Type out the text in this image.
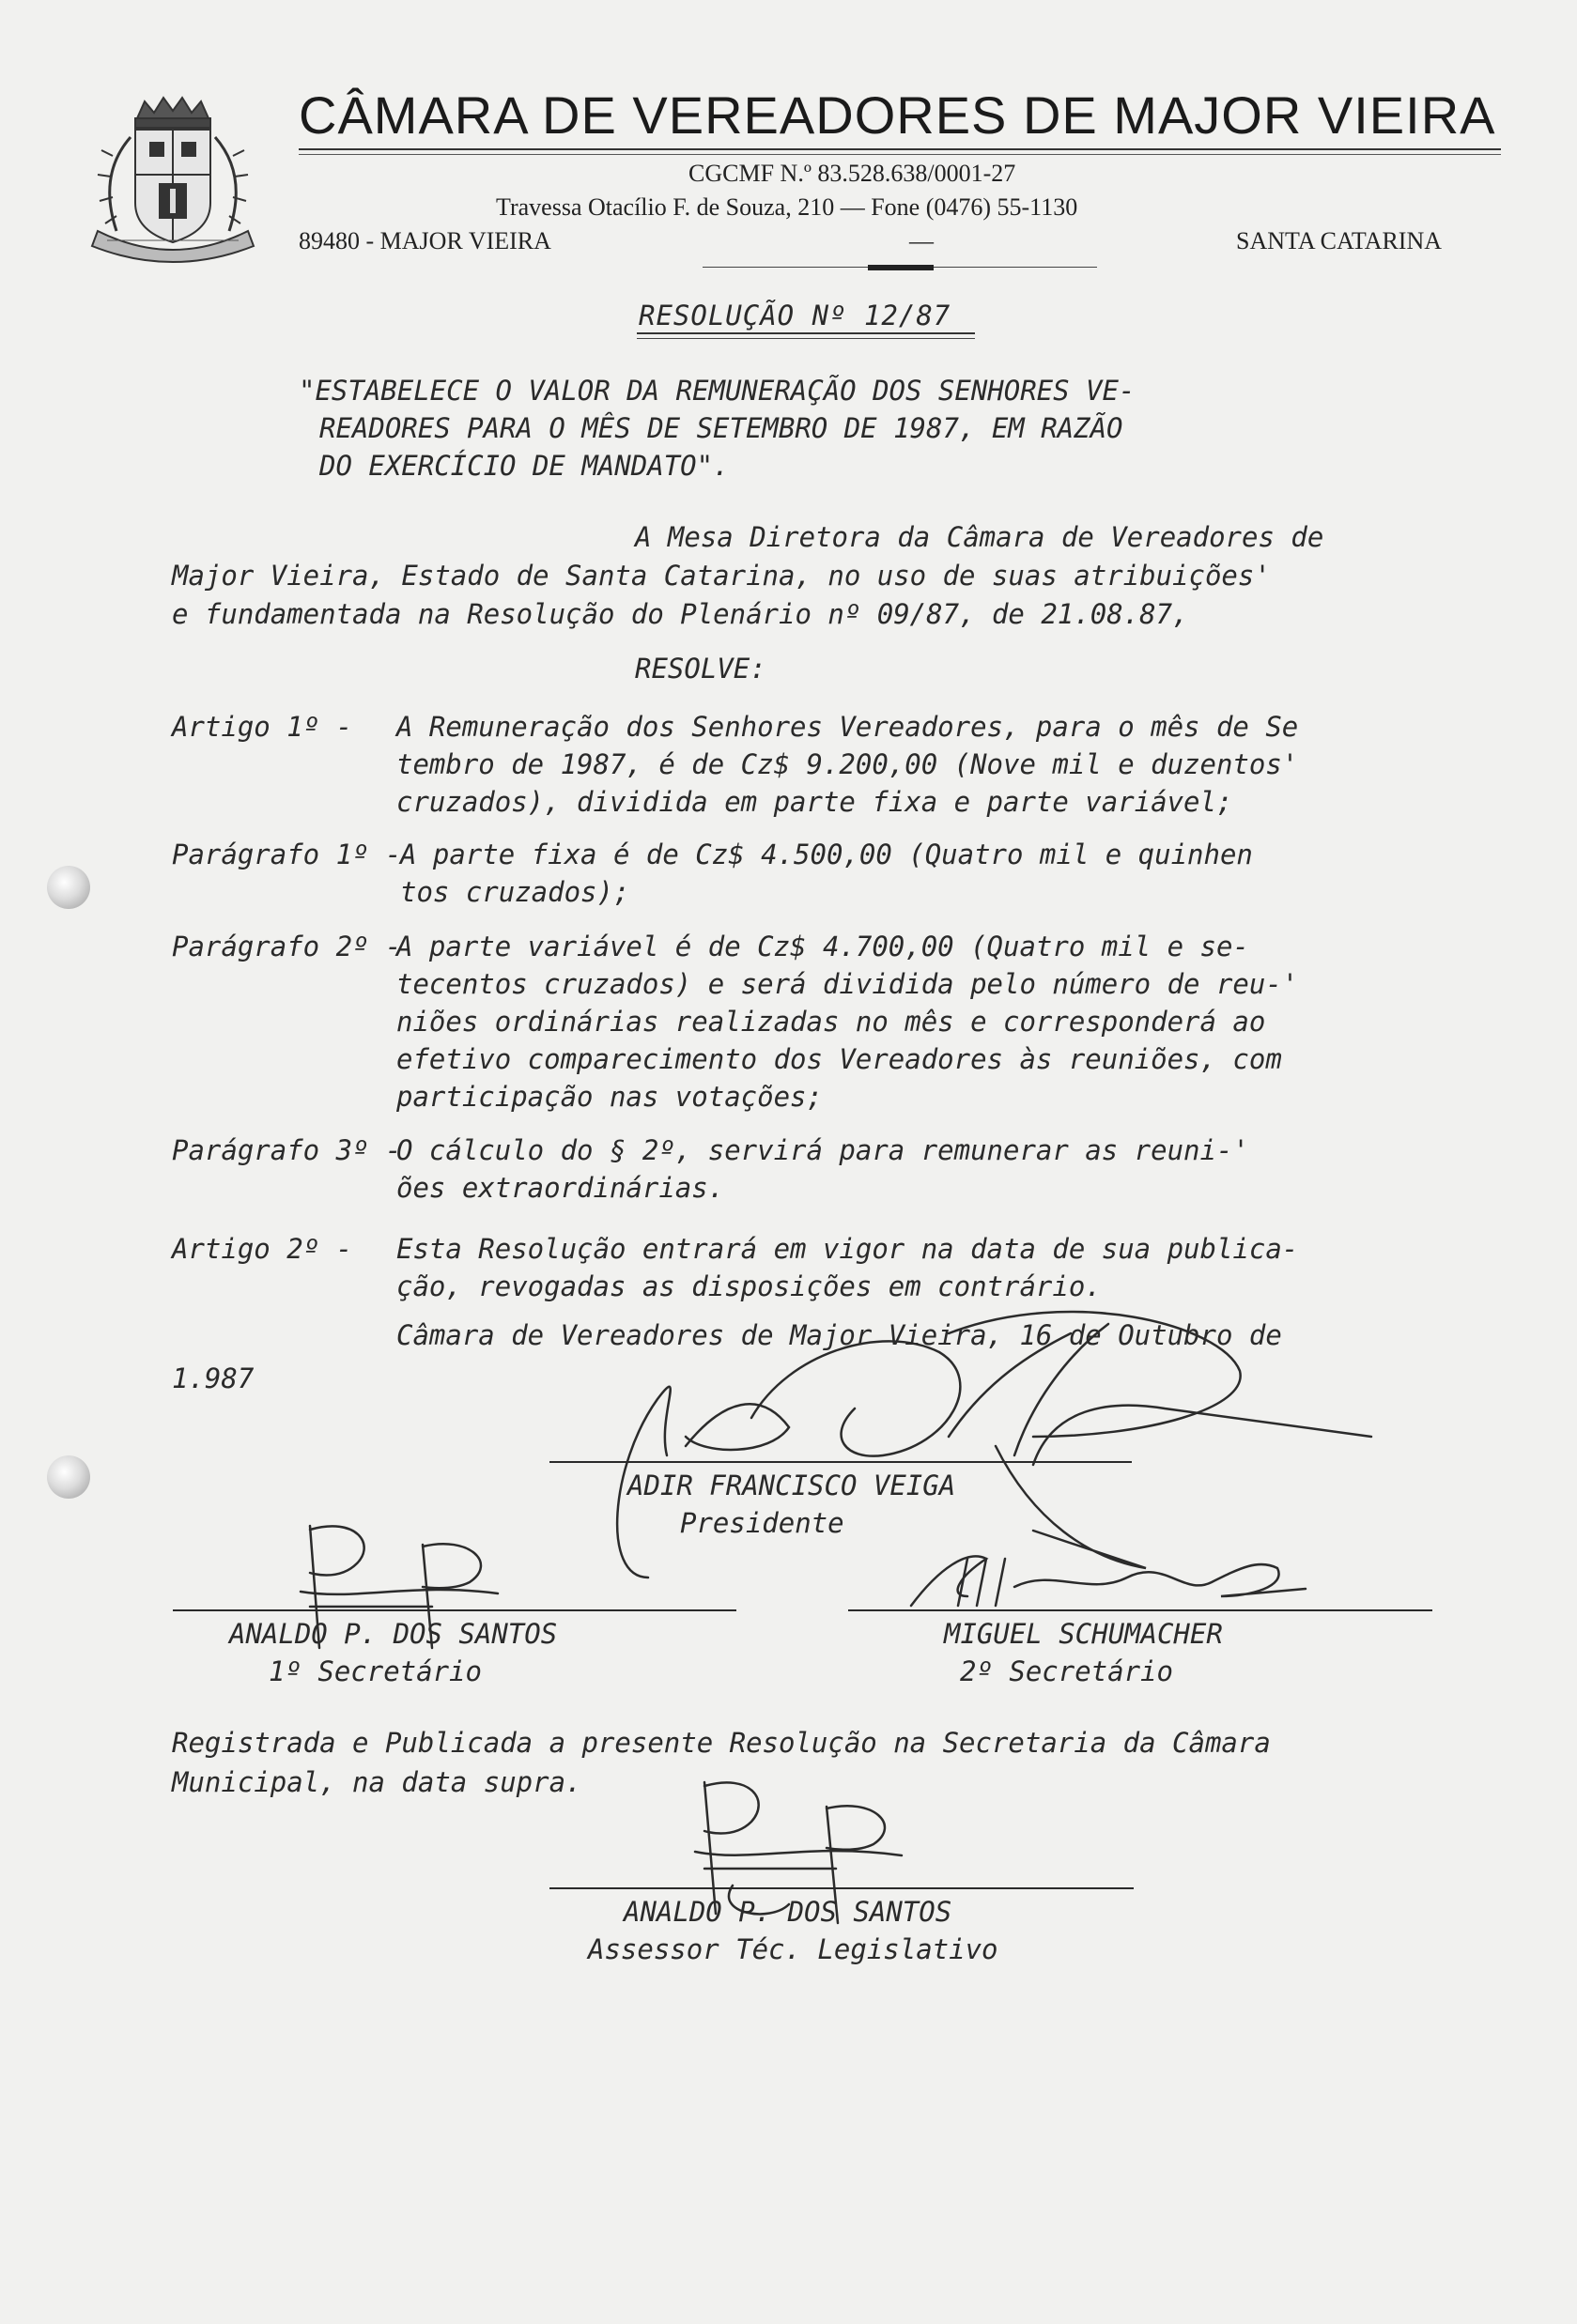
CÂMARA DE VEREADORES DE MAJOR VIEIRA
CGCMF N.º 83.528.638/0001-27
Travessa Otacílio F. de Souza, 210 — Fone (0476) 55-1130
89480 - MAJOR VIEIRA	—	SANTA CATARINA
RESOLUÇÃO Nº 12/87
"ESTABELECE O VALOR DA REMUNERAÇÃO DOS SENHORES VE-
READORES PARA O MÊS DE SETEMBRO DE 1987, EM RAZÃO
DO EXERCÍCIO DE MANDATO".
A Mesa Diretora da Câmara de Vereadores de
Major Vieira, Estado de Santa Catarina, no uso de suas atribuições'
e fundamentada na Resolução do Plenário nº 09/87, de 21.08.87,
RESOLVE:
Artigo 1º - A Remuneração dos Senhores Vereadores, para o mês de Se
tembro de 1987, é de Cz$ 9.200,00 (Nove mil e duzentos'
cruzados), dividida em parte fixa e parte variável;
Parágrafo 1º -
A parte fixa é de Cz$ 4.500,00 (Quatro mil e quinhen
tos cruzados);
Parágrafo 2º -
A parte variável é de Cz$ 4.700,00 (Quatro mil e se-
tecentos cruzados) e será dividida pelo número de reu-'
niões ordinárias realizadas no mês e corresponderá ao
efetivo comparecimento dos Vereadores às reuniões, com
participação nas votações;
Parágrafo 3º -
O cálculo do § 2º, servirá para remunerar as reuni-'
ões extraordinárias.
Artigo 2º - Esta Resolução entrará em vigor na data de sua publica-
ção, revogadas as disposições em contrário.
Câmara de Vereadores de Major Vieira, 16 de Outubro de
1.987
ADIR FRANCISCO VEIGA
Presidente
ANALDO P. DOS SANTOS
1º Secretário
MIGUEL SCHUMACHER
2º Secretário
Registrada e Publicada a presente Resolução na Secretaria da Câmara
Municipal, na data supra.
ANALDO P. DOS SANTOS
Assessor Téc. Legislativo
